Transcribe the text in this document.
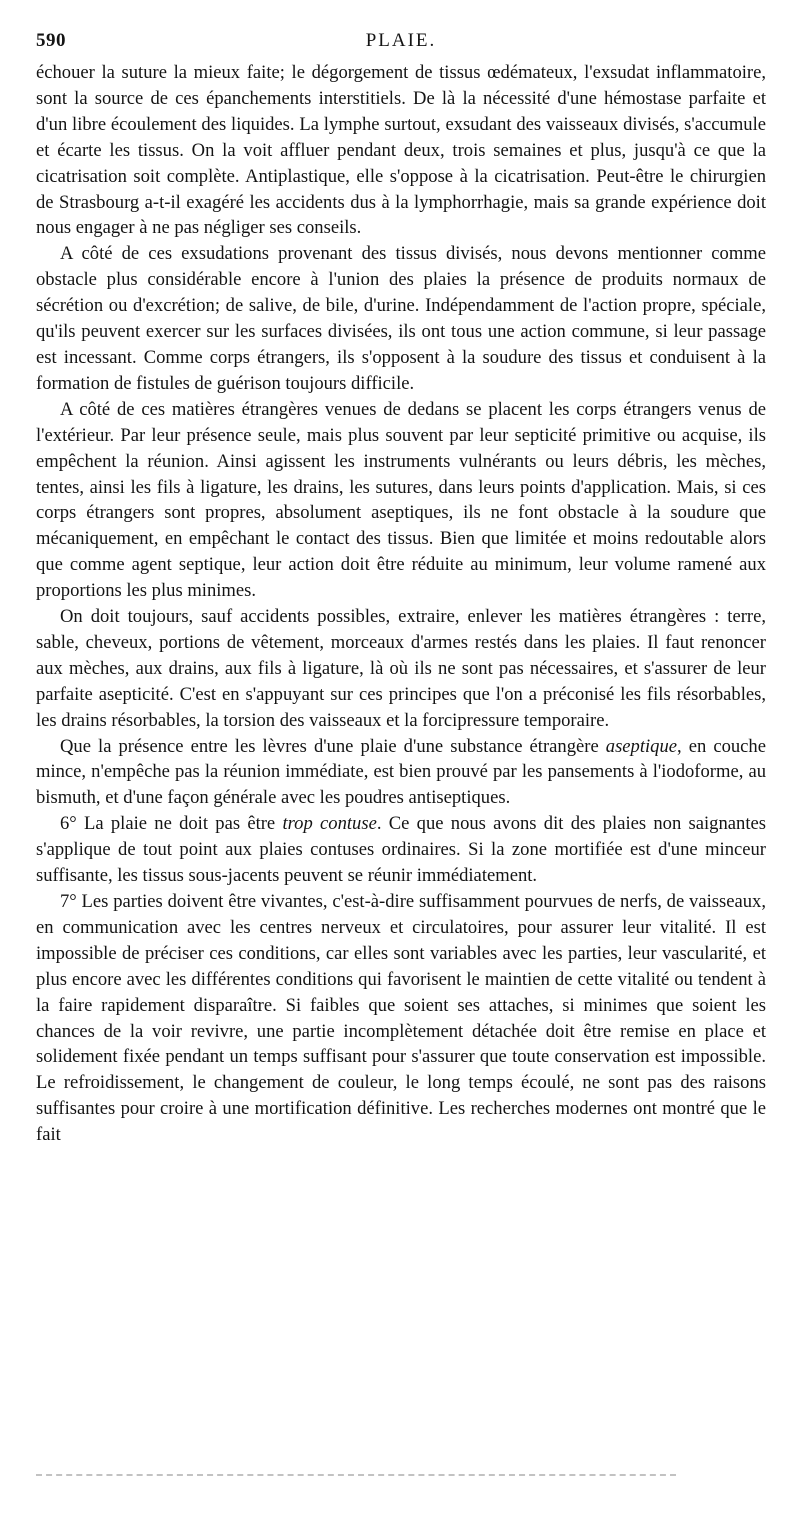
590	PLAIE.

échouer la suture la mieux faite; le dégorgement de tissus œdémateux, l'exsudat inflammatoire, sont la source de ces épanchements interstitiels. De là la nécessité d'une hémostase parfaite et d'un libre écoulement des liquides. La lymphe surtout, exsudant des vaisseaux divisés, s'accumule et écarte les tissus. On la voit affluer pendant deux, trois semaines et plus, jusqu'à ce que la cicatrisation soit complète. Antiplastique, elle s'oppose à la cicatrisation. Peut-être le chirurgien de Strasbourg a-t-il exagéré les accidents dus à la lymphorrhagie, mais sa grande expérience doit nous engager à ne pas négliger ses conseils.

A côté de ces exsudations provenant des tissus divisés, nous devons mentionner comme obstacle plus considérable encore à l'union des plaies la présence de produits normaux de sécrétion ou d'excrétion; de salive, de bile, d'urine. Indépendamment de l'action propre, spéciale, qu'ils peuvent exercer sur les surfaces divisées, ils ont tous une action commune, si leur passage est incessant. Comme corps étrangers, ils s'opposent à la soudure des tissus et conduisent à la formation de fistules de guérison toujours difficile.

A côté de ces matières étrangères venues de dedans se placent les corps étrangers venus de l'extérieur. Par leur présence seule, mais plus souvent par leur septicité primitive ou acquise, ils empêchent la réunion. Ainsi agissent les instruments vulnérants ou leurs débris, les mèches, tentes, ainsi les fils à ligature, les drains, les sutures, dans leurs points d'application. Mais, si ces corps étrangers sont propres, absolument aseptiques, ils ne font obstacle à la soudure que mécaniquement, en empêchant le contact des tissus. Bien que limitée et moins redoutable alors que comme agent septique, leur action doit être réduite au minimum, leur volume ramené aux proportions les plus minimes.

On doit toujours, sauf accidents possibles, extraire, enlever les matières étrangères : terre, sable, cheveux, portions de vêtement, morceaux d'armes restés dans les plaies. Il faut renoncer aux mèches, aux drains, aux fils à ligature, là où ils ne sont pas nécessaires, et s'assurer de leur parfaite asepticité. C'est en s'appuyant sur ces principes que l'on a préconisé les fils résorbables, les drains résorbables, la torsion des vaisseaux et la forcipressure temporaire.

Que la présence entre les lèvres d'une plaie d'une substance étrangère aseptique, en couche mince, n'empêche pas la réunion immédiate, est bien prouvé par les pansements à l'iodoforme, au bismuth, et d'une façon générale avec les poudres antiseptiques.

6° La plaie ne doit pas être trop contuse. Ce que nous avons dit des plaies non saignantes s'applique de tout point aux plaies contuses ordinaires. Si la zone mortifiée est d'une minceur suffisante, les tissus sous-jacents peuvent se réunir immédiatement.

7° Les parties doivent être vivantes, c'est-à-dire suffisamment pourvues de nerfs, de vaisseaux, en communication avec les centres nerveux et circulatoires, pour assurer leur vitalité. Il est impossible de préciser ces conditions, car elles sont variables avec les parties, leur vascularité, et plus encore avec les différentes conditions qui favorisent le maintien de cette vitalité ou tendent à la faire rapidement disparaître. Si faibles que soient ses attaches, si minimes que soient les chances de la voir revivre, une partie incomplètement détachée doit être remise en place et solidement fixée pendant un temps suffisant pour s'assurer que toute conservation est impossible. Le refroidissement, le changement de couleur, le long temps écoulé, ne sont pas des raisons suffisantes pour croire à une mortification définitive. Les recherches modernes ont montré que le fait
